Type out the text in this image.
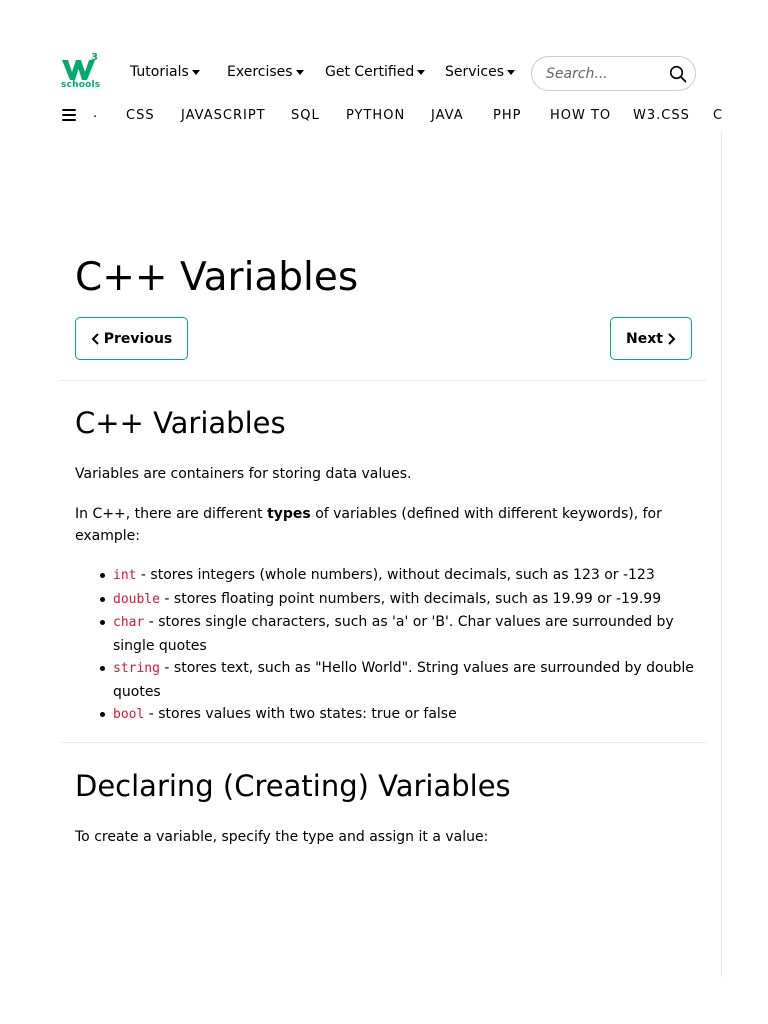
3
schools
Tutorials	Exercises Get Certified Services
Search...
. CSS JAVASCRIPT SQL PYTHON JAVA PHP HOW TO W3.CSS C
C++ Variables
Previous	Next
C++ Variables

Variables are containers for storing data values.

In C++, there are different types of variables (defined with different keywords), for example:

int - stores integers (whole numbers), without decimals, such as 123 or -123
double - stores floating point numbers, with decimals, such as 19.99 or -19.99
char - stores single characters, such as 'a' or 'B'. Char values are surrounded by single quotes
string - stores text, such as "Hello World". String values are surrounded by double quotes
bool - stores values with two states: true or false
Declaring (Creating) Variables

To create a variable, specify the type and assign it a value:
